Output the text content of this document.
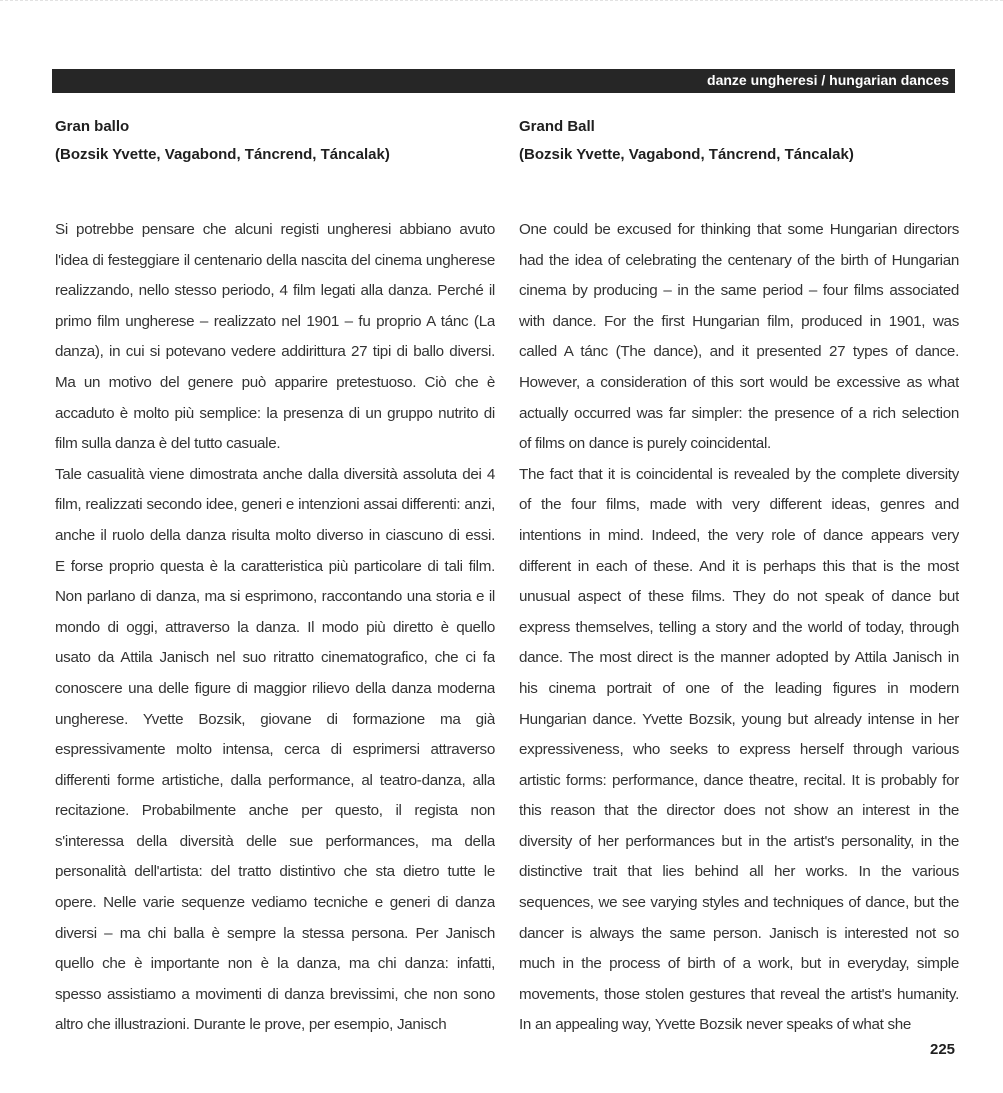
danze ungheresi / hungarian dances
Gran ballo
(Bozsik Yvette, Vagabond, Táncrend, Táncalak)
Si potrebbe pensare che alcuni registi ungheresi abbiano avuto
l'idea di festeggiare il centenario della nascita del cinema ungherese
realizzando, nello stesso periodo, 4 film legati alla danza. Perché il
primo film ungherese – realizzato nel 1901 – fu proprio A tánc (La
danza), in cui si potevano vedere addirittura 27 tipi di ballo diversi.
Ma un motivo del genere può apparire pretestuoso. Ciò che è
accaduto è molto più semplice: la presenza di un gruppo nutrito di
film sulla danza è del tutto casuale.
Tale casualità viene dimostrata anche dalla diversità assoluta dei 4
film, realizzati secondo idee, generi e intenzioni assai differenti: anzi,
anche il ruolo della danza risulta molto diverso in ciascuno di essi.
E forse proprio questa è la caratteristica più particolare di tali film.
Non parlano di danza, ma si esprimono, raccontando una storia e il
mondo di oggi, attraverso la danza. Il modo più diretto è quello
usato da Attila Janisch nel suo ritratto cinematografico, che ci fa
conoscere una delle figure di maggior rilievo della danza moderna
ungherese. Yvette Bozsik, giovane di formazione ma già
espressivamente molto intensa, cerca di esprimersi attraverso
differenti forme artistiche, dalla performance, al teatro-danza, alla
recitazione. Probabilmente anche per questo, il regista non
s'interessa della diversità delle sue performances, ma della
personalità dell'artista: del tratto distintivo che sta dietro tutte le
opere. Nelle varie sequenze vediamo tecniche e generi di danza
diversi – ma chi balla è sempre la stessa persona. Per Janisch
quello che è importante non è la danza, ma chi danza: infatti,
spesso assistiamo a movimenti di danza brevissimi, che non sono
altro che illustrazioni. Durante le prove, per esempio, Janisch
Grand Ball
(Bozsik Yvette, Vagabond, Táncrend, Táncalak)
One could be excused for thinking that some Hungarian directors
had the idea of celebrating the centenary of the birth of Hungarian
cinema by producing – in the same period – four films associated
with dance. For the first Hungarian film, produced in 1901, was
called A tánc (The dance), and it presented 27 types of dance.
However, a consideration of this sort would be excessive as what
actually occurred was far simpler: the presence of a rich selection
of films on dance is purely coincidental.
The fact that it is coincidental is revealed by the complete diversity
of the four films, made with very different ideas, genres and
intentions in mind. Indeed, the very role of dance appears very
different in each of these. And it is perhaps this that is the most
unusual aspect of these films. They do not speak of dance but
express themselves, telling a story and the world of today, through
dance. The most direct is the manner adopted by Attila Janisch in
his cinema portrait of one of the leading figures in modern
Hungarian dance. Yvette Bozsik, young but already intense in her
expressiveness, who seeks to express herself through various
artistic forms: performance, dance theatre, recital. It is probably for
this reason that the director does not show an interest in the
diversity of her performances but in the artist's personality, in the
distinctive trait that lies behind all her works. In the various
sequences, we see varying styles and techniques of dance, but the
dancer is always the same person. Janisch is interested not so
much in the process of birth of a work, but in everyday, simple
movements, those stolen gestures that reveal the artist's humanity.
In an appealing way, Yvette Bozsik never speaks of what she
225
